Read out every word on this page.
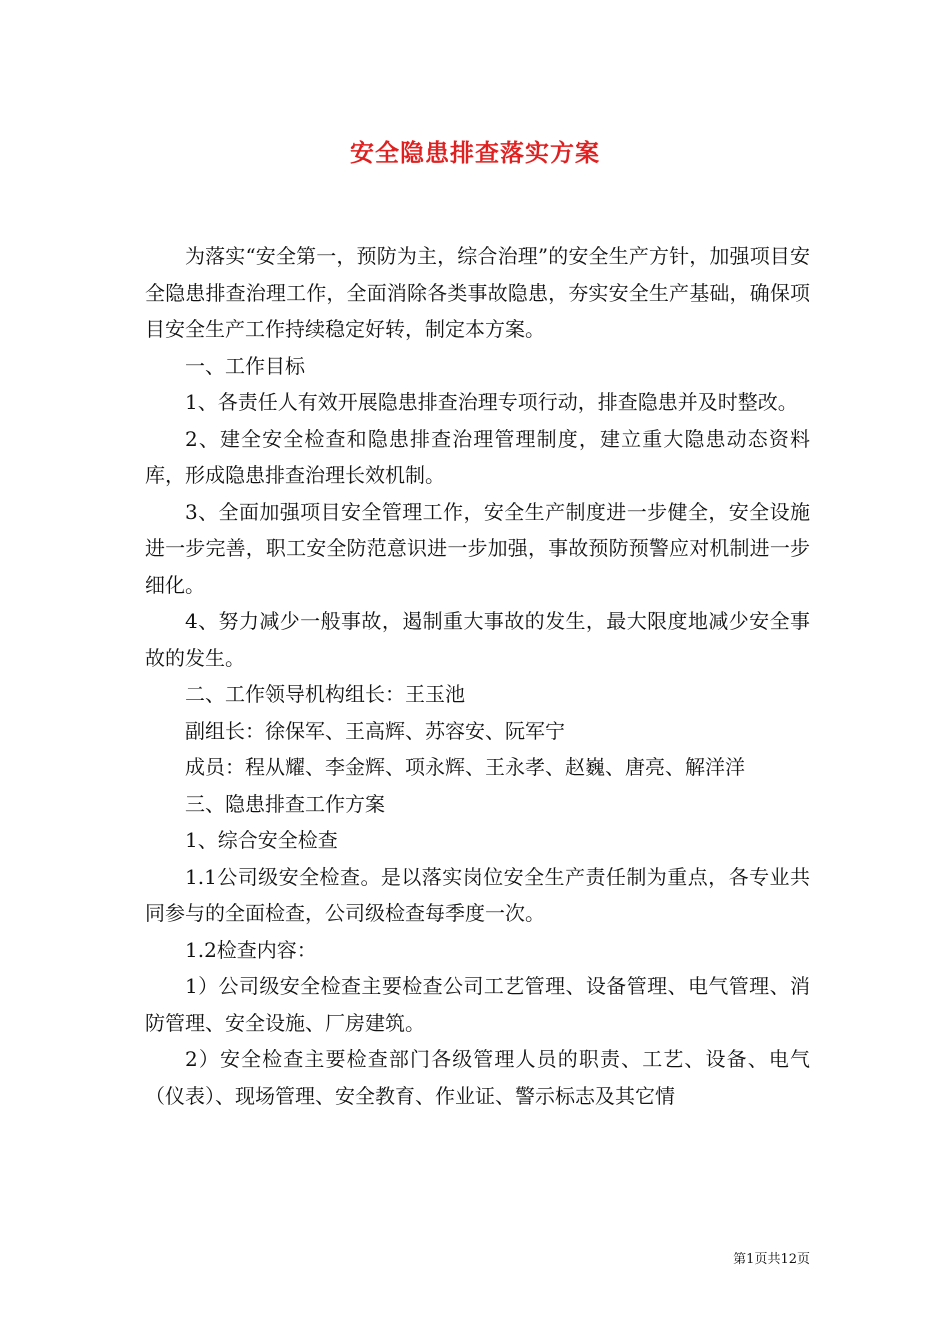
安全隐患排查落实方案

为落实“安全第一，预防为主，综合治理”的安全生产方针，加强项目安全隐患排查治理工作，全面消除各类事故隐患，夯实安全生产基础，确保项目安全生产工作持续稳定好转，制定本方案。

一、工作目标

1、各责任人有效开展隐患排查治理专项行动，排查隐患并及时整改。

2、建全安全检查和隐患排查治理管理制度，建立重大隐患动态资料库，形成隐患排查治理长效机制。

3、全面加强项目安全管理工作，安全生产制度进一步健全，安全设施进一步完善，职工安全防范意识进一步加强，事故预防预警应对机制进一步细化。

4、努力减少一般事故，遏制重大事故的发生，最大限度地减少安全事故的发生。

二、工作领导机构组长：王玉池

副组长：徐保军、王高辉、苏容安、阮军宁

成员：程从耀、李金辉、项永辉、王永孝、赵巍、唐亮、解洋洋

三、隐患排查工作方案

1、综合安全检查

1.1公司级安全检查。是以落实岗位安全生产责任制为重点，各专业共同参与的全面检查，公司级检查每季度一次。

1.2检查内容：

1）公司级安全检查主要检查公司工艺管理、设备管理、电气管理、消防管理、安全设施、厂房建筑。

2）安全检查主要检查部门各级管理人员的职责、工艺、设备、电气（仪表）、现场管理、安全教育、作业证、警示标志及其它情

第1页共12页
